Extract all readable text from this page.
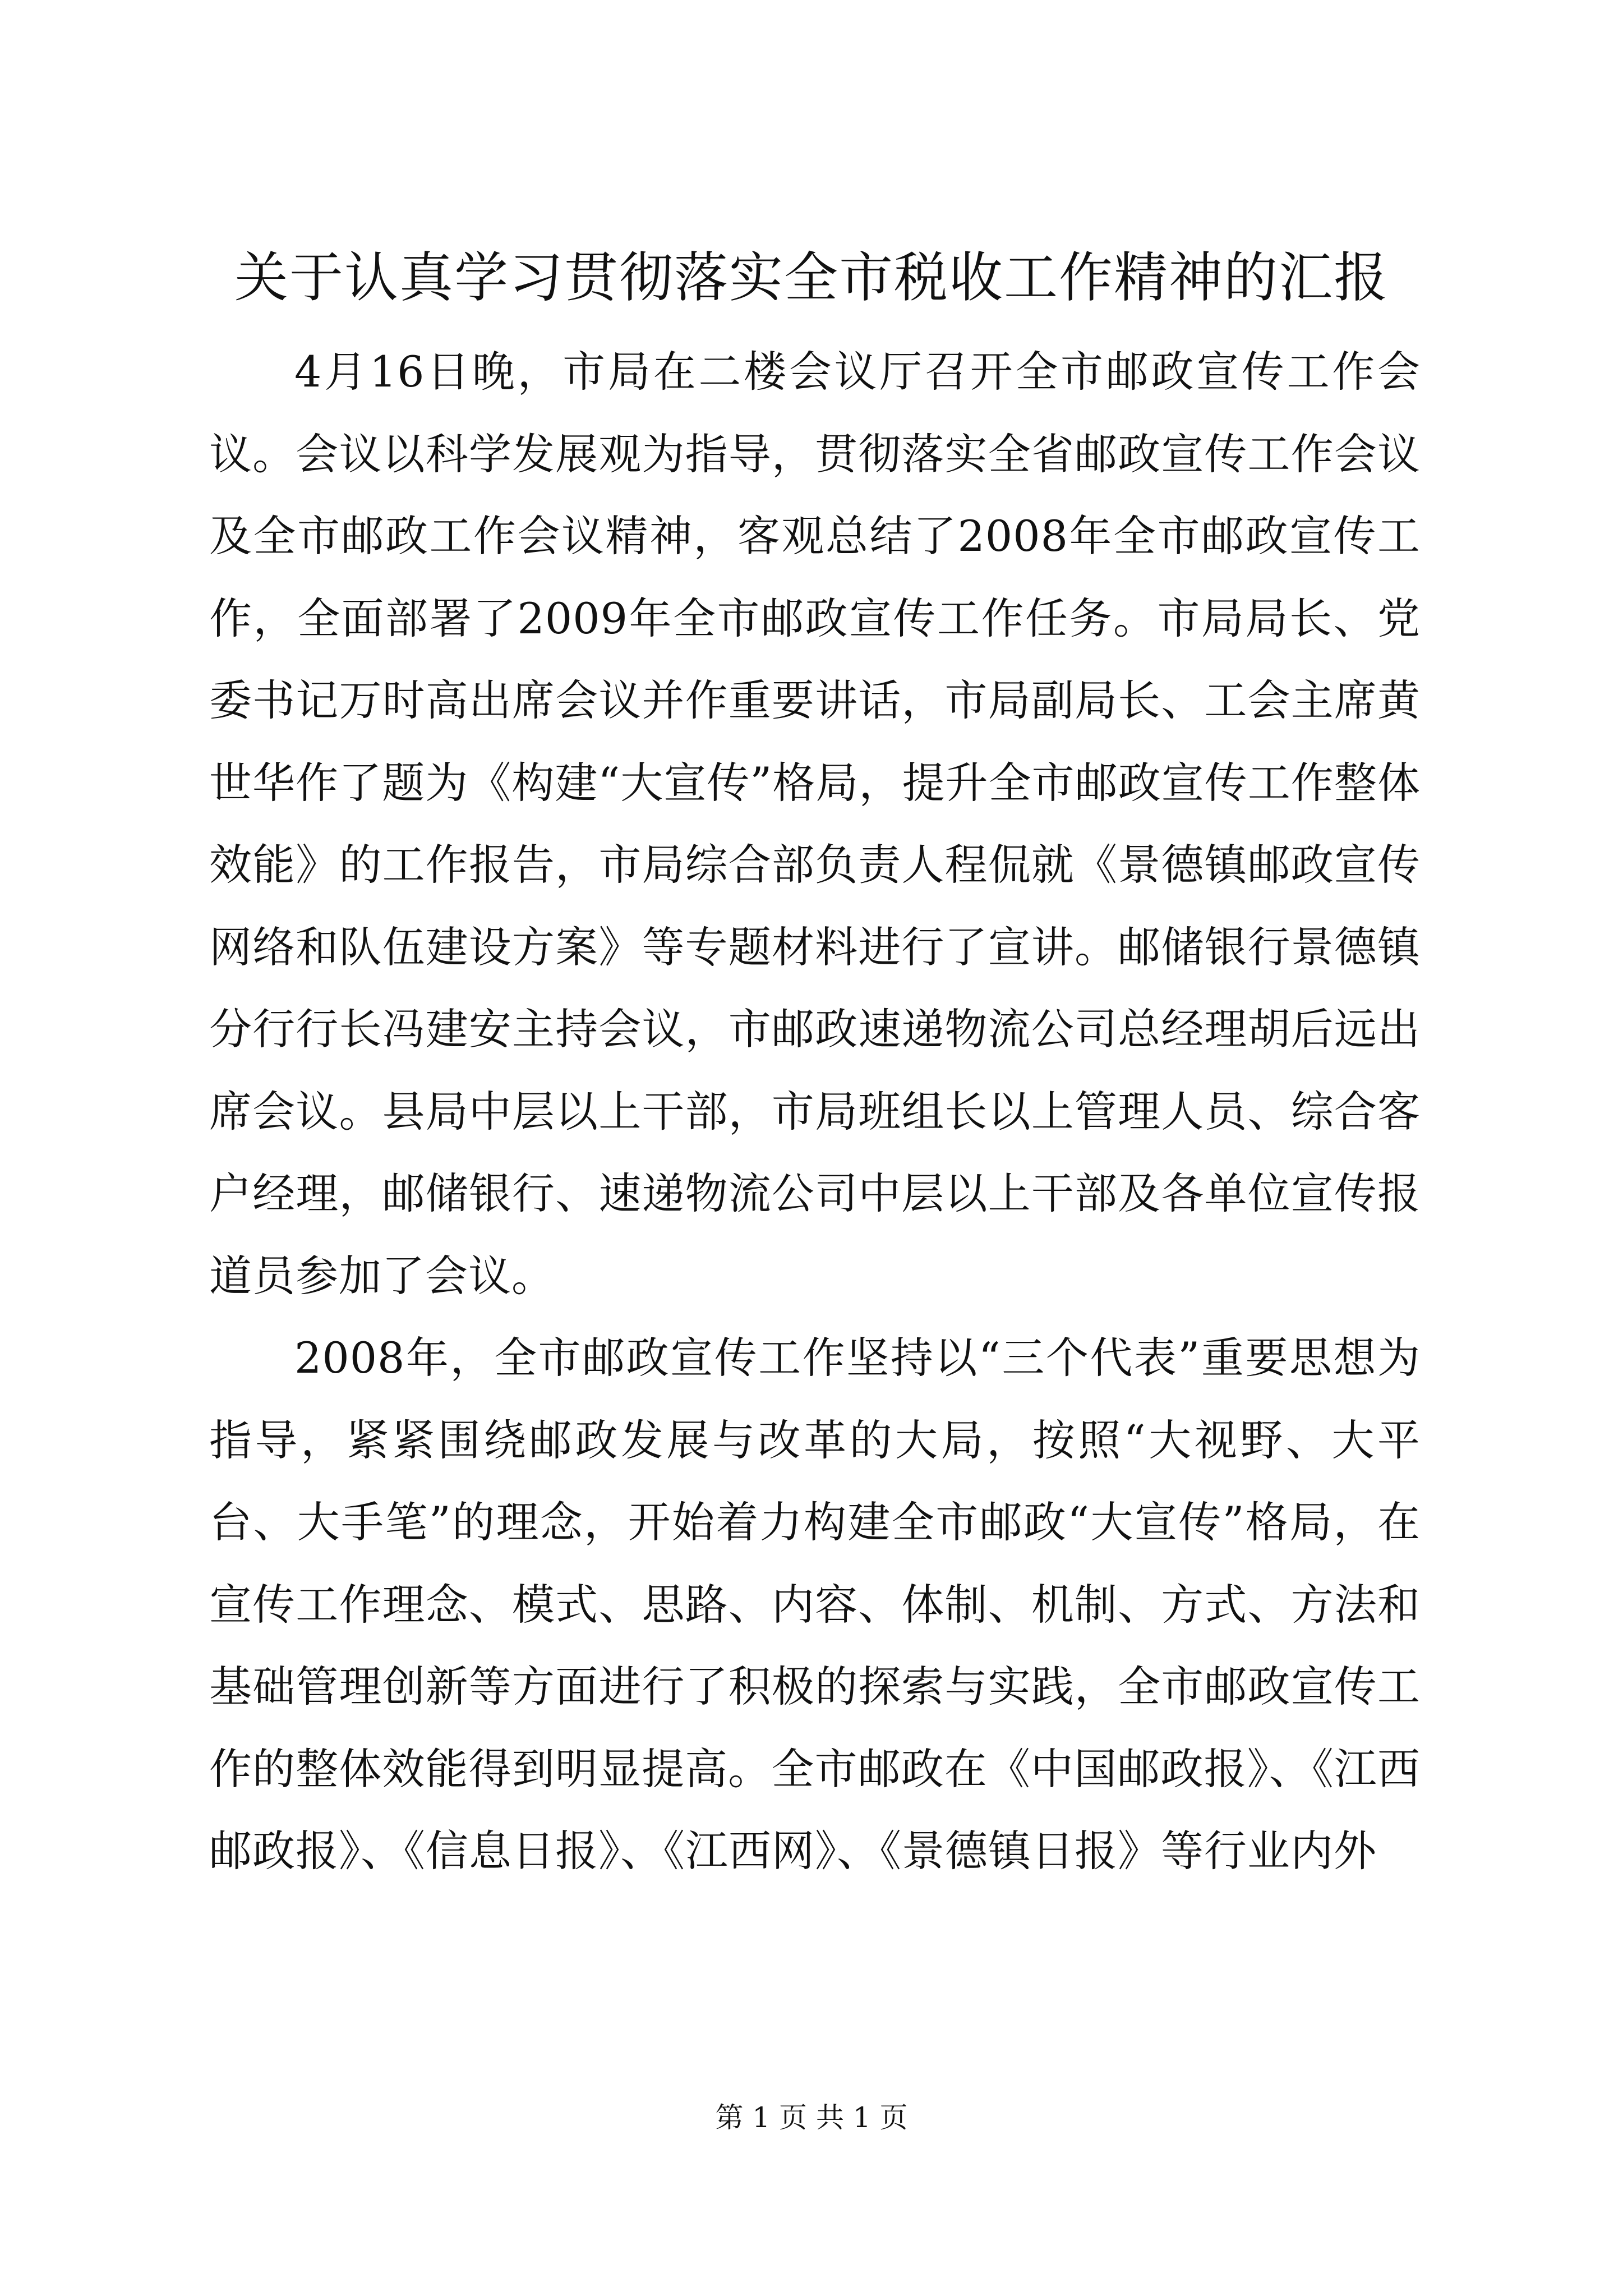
关于认真学习贯彻落实全市税收工作精神的汇报

4月16日晚，市局在二楼会议厅召开全市邮政宣传工作会议。会议以科学发展观为指导，贯彻落实全省邮政宣传工作会议及全市邮政工作会议精神，客观总结了2008年全市邮政宣传工作，全面部署了2009年全市邮政宣传工作任务。市局局长、党委书记万时高出席会议并作重要讲话，市局副局长、工会主席黄世华作了题为《构建“大宣传”格局，提升全市邮政宣传工作整体效能》的工作报告，市局综合部负责人程侃就《景德镇邮政宣传网络和队伍建设方案》等专题材料进行了宣讲。邮储银行景德镇分行行长冯建安主持会议，市邮政速递物流公司总经理胡后远出席会议。县局中层以上干部，市局班组长以上管理人员、综合客户经理，邮储银行、速递物流公司中层以上干部及各单位宣传报道员参加了会议。

2008年，全市邮政宣传工作坚持以“三个代表”重要思想为指导，紧紧围绕邮政发展与改革的大局，按照“大视野、大平台、大手笔”的理念，开始着力构建全市邮政“大宣传”格局，在宣传工作理念、模式、思路、内容、体制、机制、方式、方法和基础管理创新等方面进行了积极的探索与实践，全市邮政宣传工作的整体效能得到明显提高。全市邮政在《中国邮政报》、《江西邮政报》、《信息日报》、《江西网》、《景德镇日报》等行业内外

第 1 页 共 1 页
